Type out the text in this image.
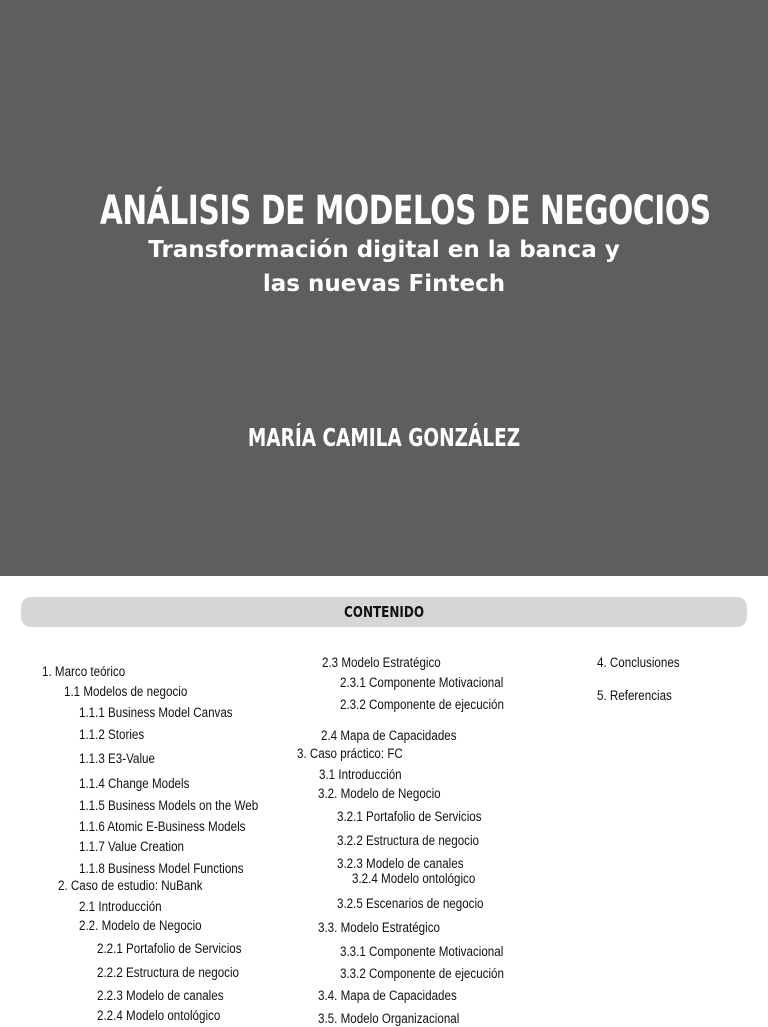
ANÁLISIS DE MODELOS DE NEGOCIOS
Transformación digital en la banca y
las nuevas Fintech
MARÍA CAMILA GONZÁLEZ
CONTENIDO
1. Marco teórico
1.1 Modelos de negocio
1.1.1 Business Model Canvas
1.1.2 Stories
1.1.3 E3-Value
1.1.4 Change Models
1.1.5 Business Models on the Web
1.1.6 Atomic E-Business Models
1.1.7 Value Creation
1.1.8 Business Model Functions
2. Caso de estudio: NuBank
2.1 Introducción
2.2. Modelo de Negocio
2.2.1 Portafolio de Servicios
2.2.2 Estructura de negocio
2.2.3 Modelo de canales
2.2.4 Modelo ontológico
2.3 Modelo Estratégico
2.3.1 Componente Motivacional
2.3.2 Componente de ejecución
2.4 Mapa de Capacidades
3. Caso práctico: FC
3.1 Introducción
3.2. Modelo de Negocio
3.2.1 Portafolio de Servicios
3.2.2 Estructura de negocio
3.2.3 Modelo de canales
3.2.4 Modelo ontológico
3.2.5 Escenarios de negocio
3.3. Modelo Estratégico
3.3.1 Componente Motivacional
3.3.2 Componente de ejecución
3.4. Mapa de Capacidades
3.5. Modelo Organizacional
4. Conclusiones
5. Referencias
